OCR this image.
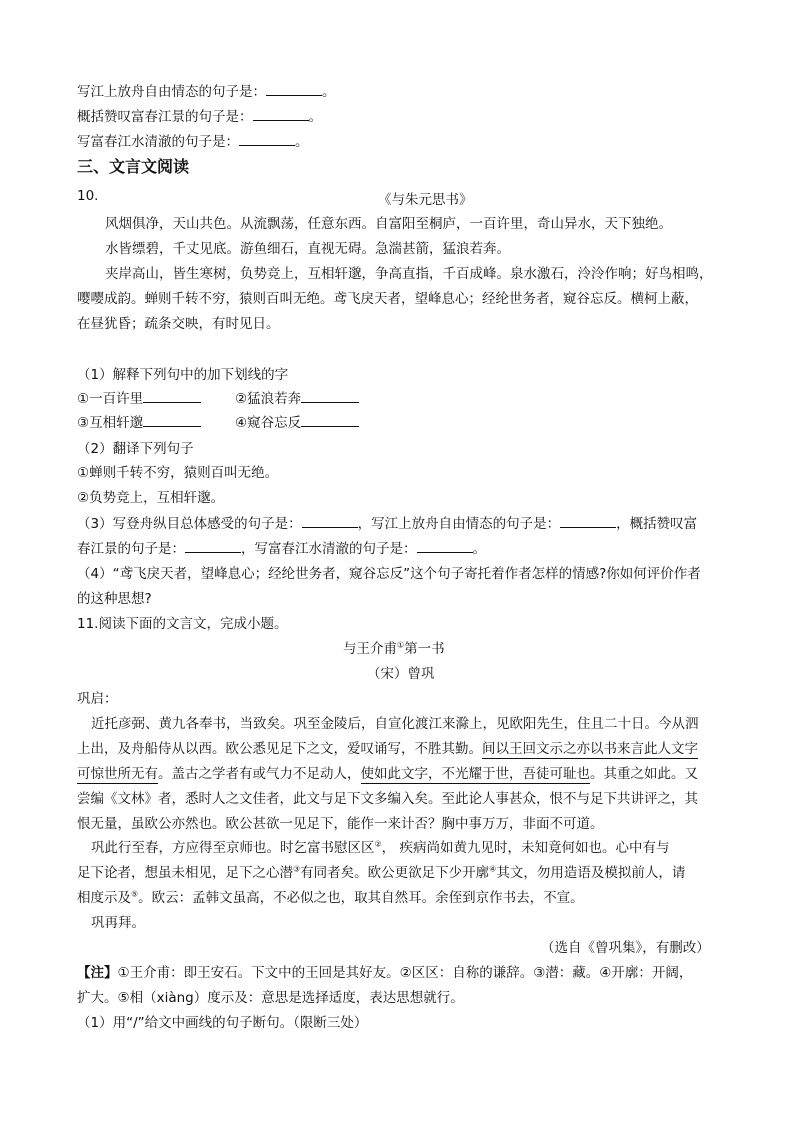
写江上放舟自由情态的句子是：	。
概括赞叹富春江景的句子是：	。
写富春江水清澈的句子是：	。
三、文言文阅读
10.	《与朱元思书》
风烟俱净，天山共色。从流飘荡，任意东西。自富阳至桐庐，一百许里，奇山异水，天下独绝。
水皆缥碧，千丈见底。游鱼细石，直视无碍。急湍甚箭，猛浪若奔。
夹岸高山，皆生寒树，负势竞上，互相轩邈，争高直指，千百成峰。泉水激石，泠泠作响；好鸟相鸣，
嘤嘤成韵。蝉则千转不穷，猿则百叫无绝。鸢飞戾天者，望峰息心；经纶世务者，窥谷忘反。横柯上蔽，
在昼犹昏；疏条交映，有时见日。
（1）解释下列句中的加下划线的字
①一百许里	②猛浪若奔
③互相轩邈	④窥谷忘反
（2）翻译下列句子
①蝉则千转不穷，猿则百叫无绝。
②负势竞上，互相轩邈。
（3）写登舟纵目总体感受的句子是：	，写江上放舟自由情态的句子是：	，概括赞叹富
春江景的句子是：	，写富春江水清澈的句子是：	。
（4）“鸢飞戾天者，望峰息心；经纶世务者，窥谷忘反”这个句子寄托着作者怎样的情感?你如何评价作者
的这种思想?
11.阅读下面的文言文，完成小题。
与王介甫①第一书
（宋）曾巩
巩启：
近托彦弼、黄九各奉书，当致矣。巩至金陵后，自宣化渡江来滁上，见欧阳先生，住且二十日。今从泗
上出，及舟船侍从以西。欧公悉见足下之文，爱叹诵写，不胜其勤。间以王回文示之亦以书来言此人文字
可惊世所无有。盖古之学者有或气力不足动人，使如此文字，不光耀于世，吾徒可耻也。其重之如此。又
尝编《文林》者，悉时人之文佳者，此文与足下文多编入矣。至此论人事甚众，恨不与足下共讲评之，其
恨无量，虽欧公亦然也。欧公甚欲一见足下，能作一来计否？胸中事万万，非面不可道。
巩此行至春，方应得至京师也。时乞富书慰区区②， 疾病尚如黄九见时，未知竟何如也。心中有与
足下论者，想虽未相见，足下之心潜③有同者矣。欧公更欲足下少开廓④其文，勿用造语及模拟前人，请
相度示及⑤。欧云：孟韩文虽高，不必似之也，取其自然耳。余侄到京作书去，不宣。
巩再拜。
（选自《曾巩集》，有删改）
【注】①王介甫：即王安石。下文中的王回是其好友。②区区：自称的谦辞。③潜：藏。④开廓：开阔，
扩大。⑤相（xiàng）度示及：意思是选择适度，表达思想就行。
（1）用“/”给文中画线的句子断句。（限断三处）
